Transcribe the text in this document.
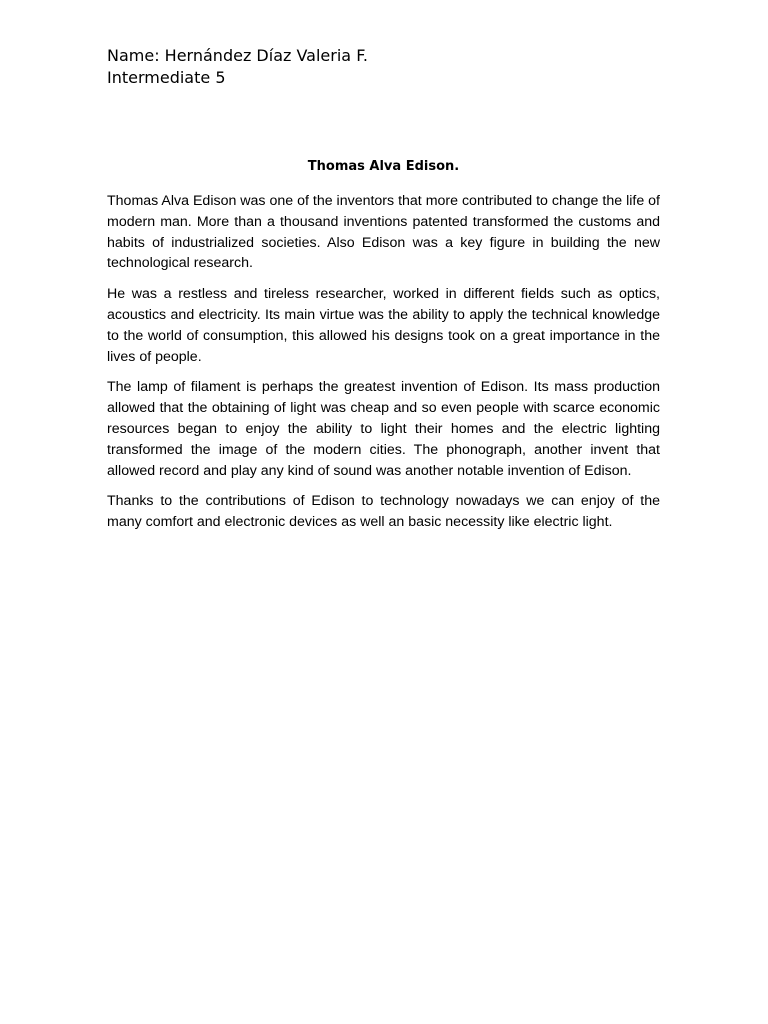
Name: Hernández Díaz Valeria F.
Intermediate 5
Thomas Alva Edison.

Thomas Alva Edison was one of the inventors that more contributed to change the life of modern man. More than a thousand inventions patented transformed the customs and habits of industrialized societies. Also Edison was a key figure in building the new technological research.

He was a restless and tireless researcher, worked in different fields such as optics, acoustics and electricity. Its main virtue was the ability to apply the technical knowledge to the world of consumption, this allowed his designs took on a great importance in the lives of people.

The lamp of filament is perhaps the greatest invention of Edison. Its mass production allowed that the obtaining of light was cheap and so even people with scarce economic resources began to enjoy the ability to light their homes and the electric lighting transformed the image of the modern cities. The phonograph, another invent that allowed record and play any kind of sound was another notable invention of Edison.

Thanks to the contributions of Edison to technology nowadays we can enjoy of the many comfort and electronic devices as well an basic necessity like electric light.
